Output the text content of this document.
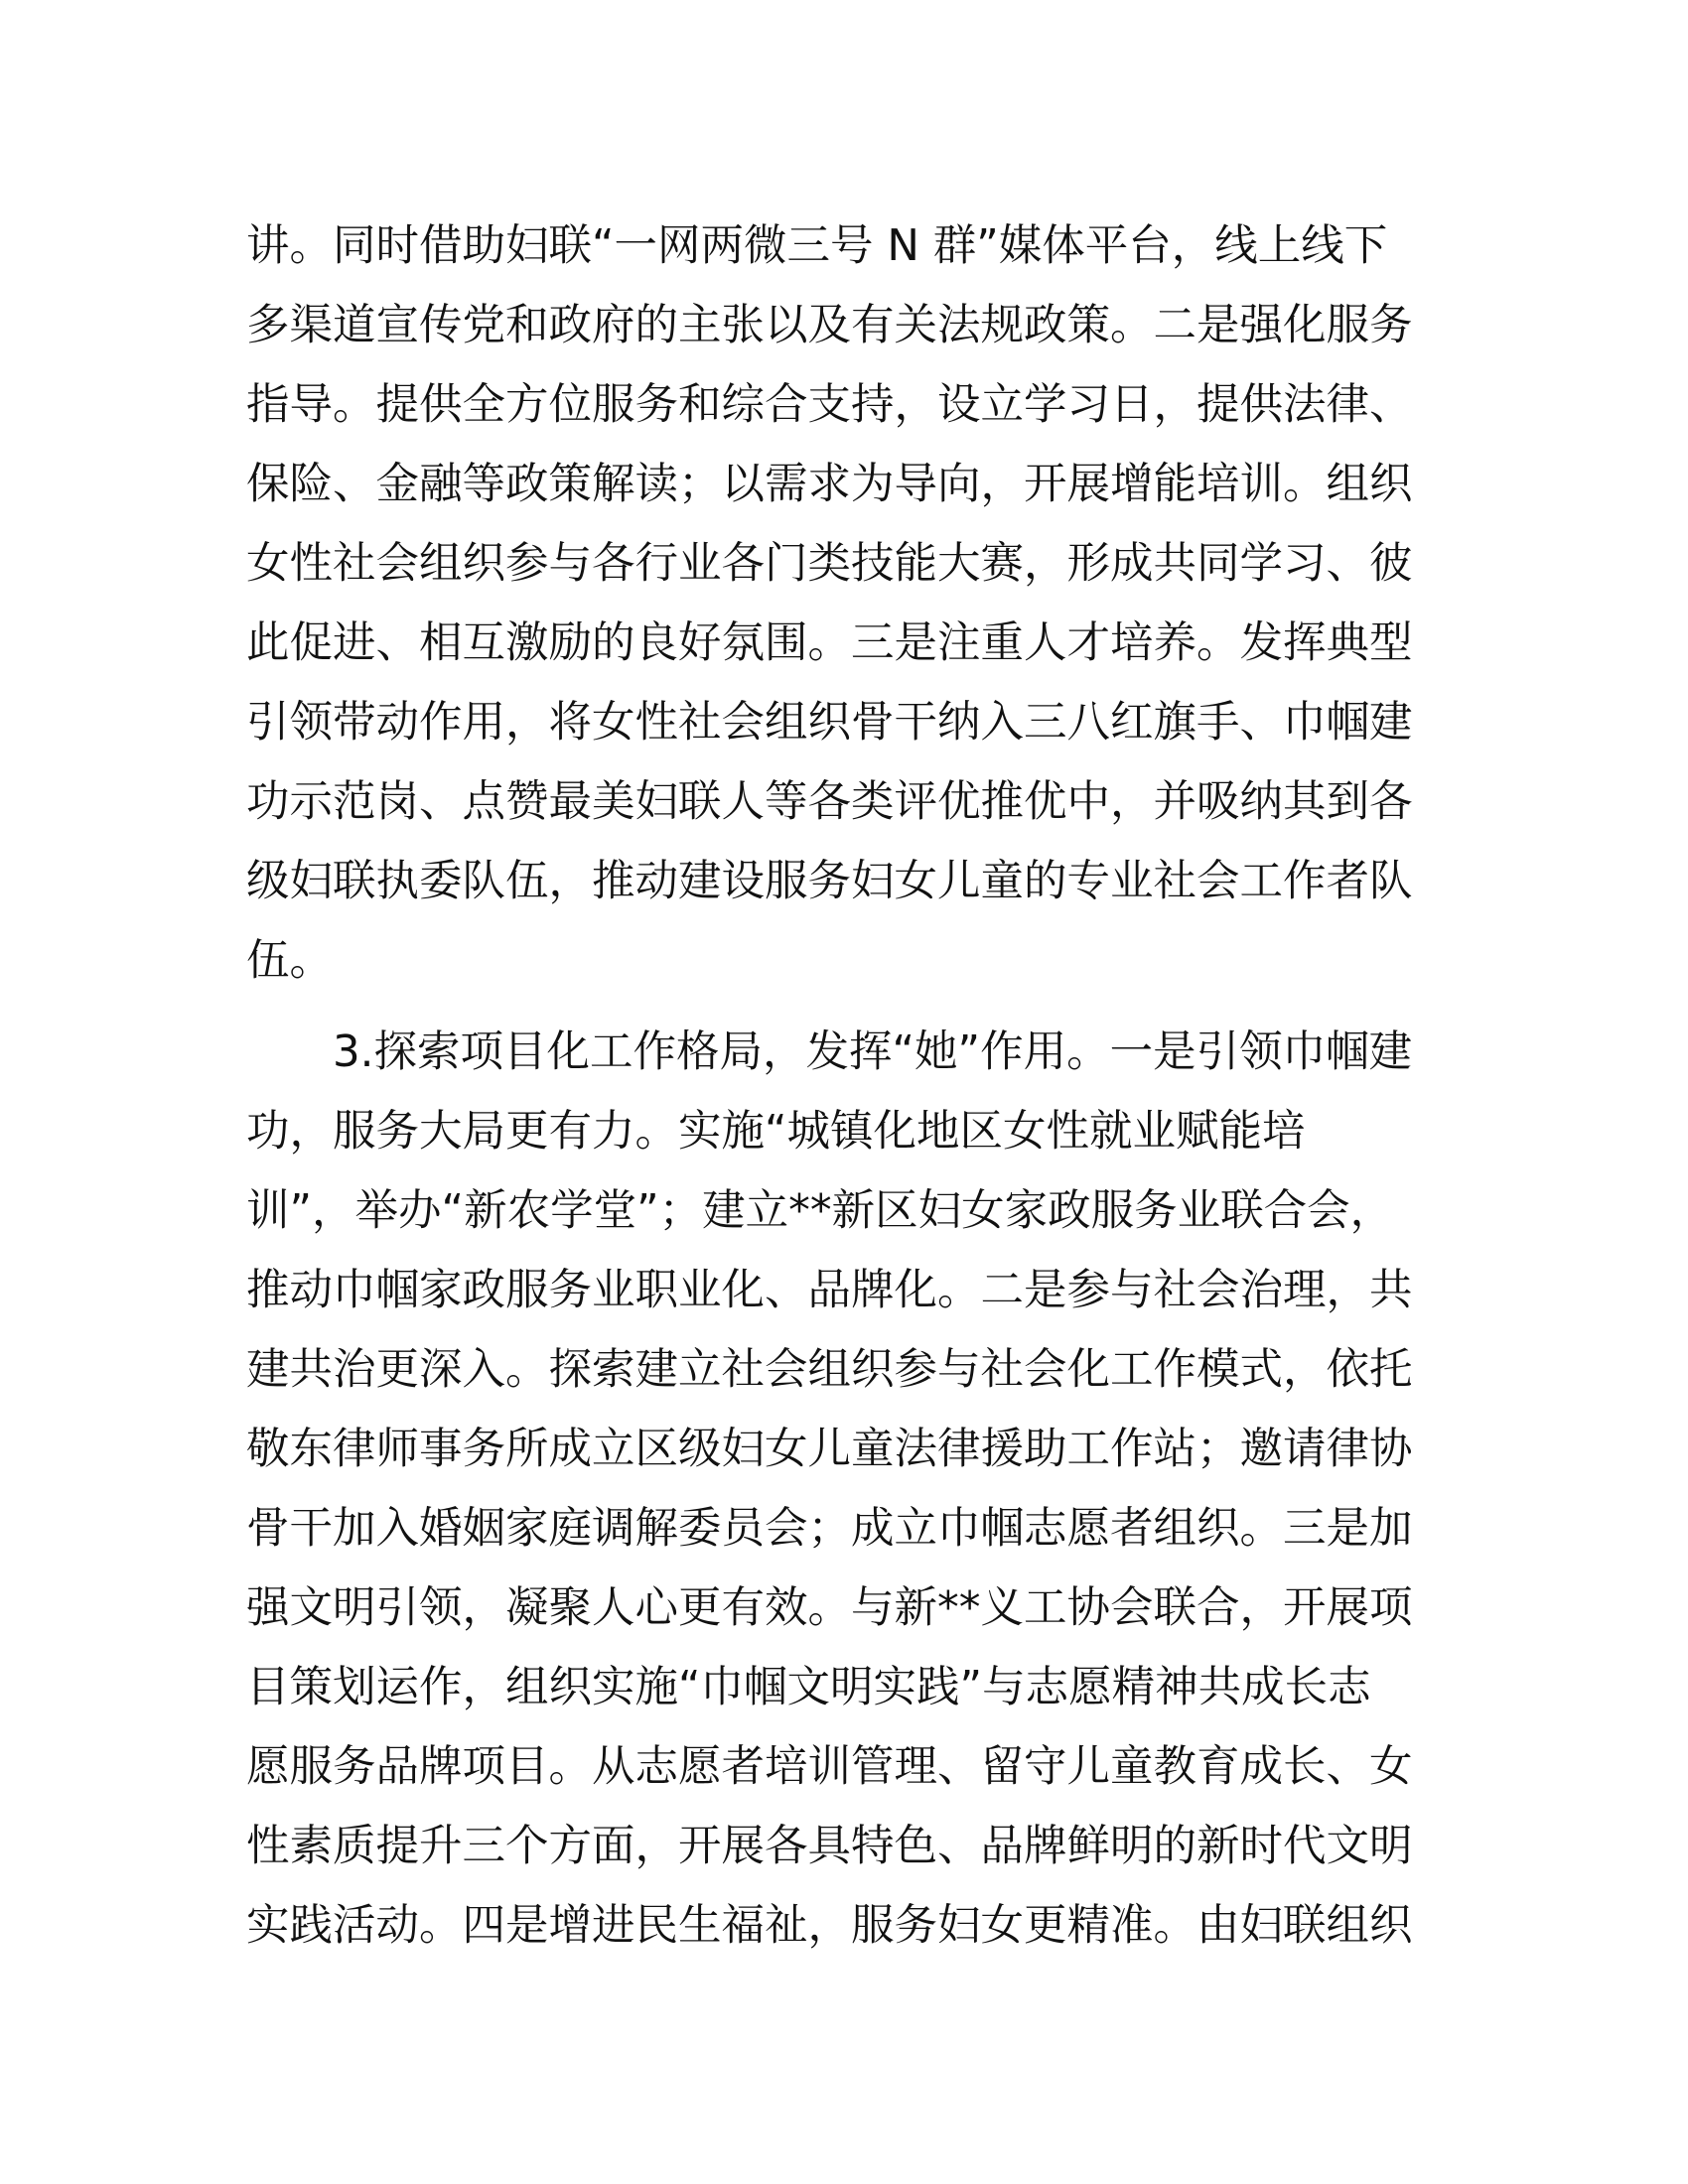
讲。同时借助妇联“一网两微三号 N 群”媒体平台，线上线下
多渠道宣传党和政府的主张以及有关法规政策。二是强化服务
指导。提供全方位服务和综合支持，设立学习日，提供法律、
保险、金融等政策解读；以需求为导向，开展增能培训。组织
女性社会组织参与各行业各门类技能大赛，形成共同学习、彼
此促进、相互激励的良好氛围。三是注重人才培养。发挥典型
引领带动作用，将女性社会组织骨干纳入三八红旗手、巾帼建
功示范岗、点赞最美妇联人等各类评优推优中，并吸纳其到各
级妇联执委队伍，推动建设服务妇女儿童的专业社会工作者队
伍。

3.探索项目化工作格局，发挥“她”作用。一是引领巾帼建
功，服务大局更有力。实施“城镇化地区女性就业赋能培
训”，举办“新农学堂”；建立**新区妇女家政服务业联合会，
推动巾帼家政服务业职业化、品牌化。二是参与社会治理，共
建共治更深入。探索建立社会组织参与社会化工作模式，依托
敬东律师事务所成立区级妇女儿童法律援助工作站；邀请律协
骨干加入婚姻家庭调解委员会；成立巾帼志愿者组织。三是加
强文明引领，凝聚人心更有效。与新**义工协会联合，开展项
目策划运作，组织实施“巾帼文明实践”与志愿精神共成长志
愿服务品牌项目。从志愿者培训管理、留守儿童教育成长、女
性素质提升三个方面，开展各具特色、品牌鲜明的新时代文明
实践活动。四是增进民生福祉，服务妇女更精准。由妇联组织
